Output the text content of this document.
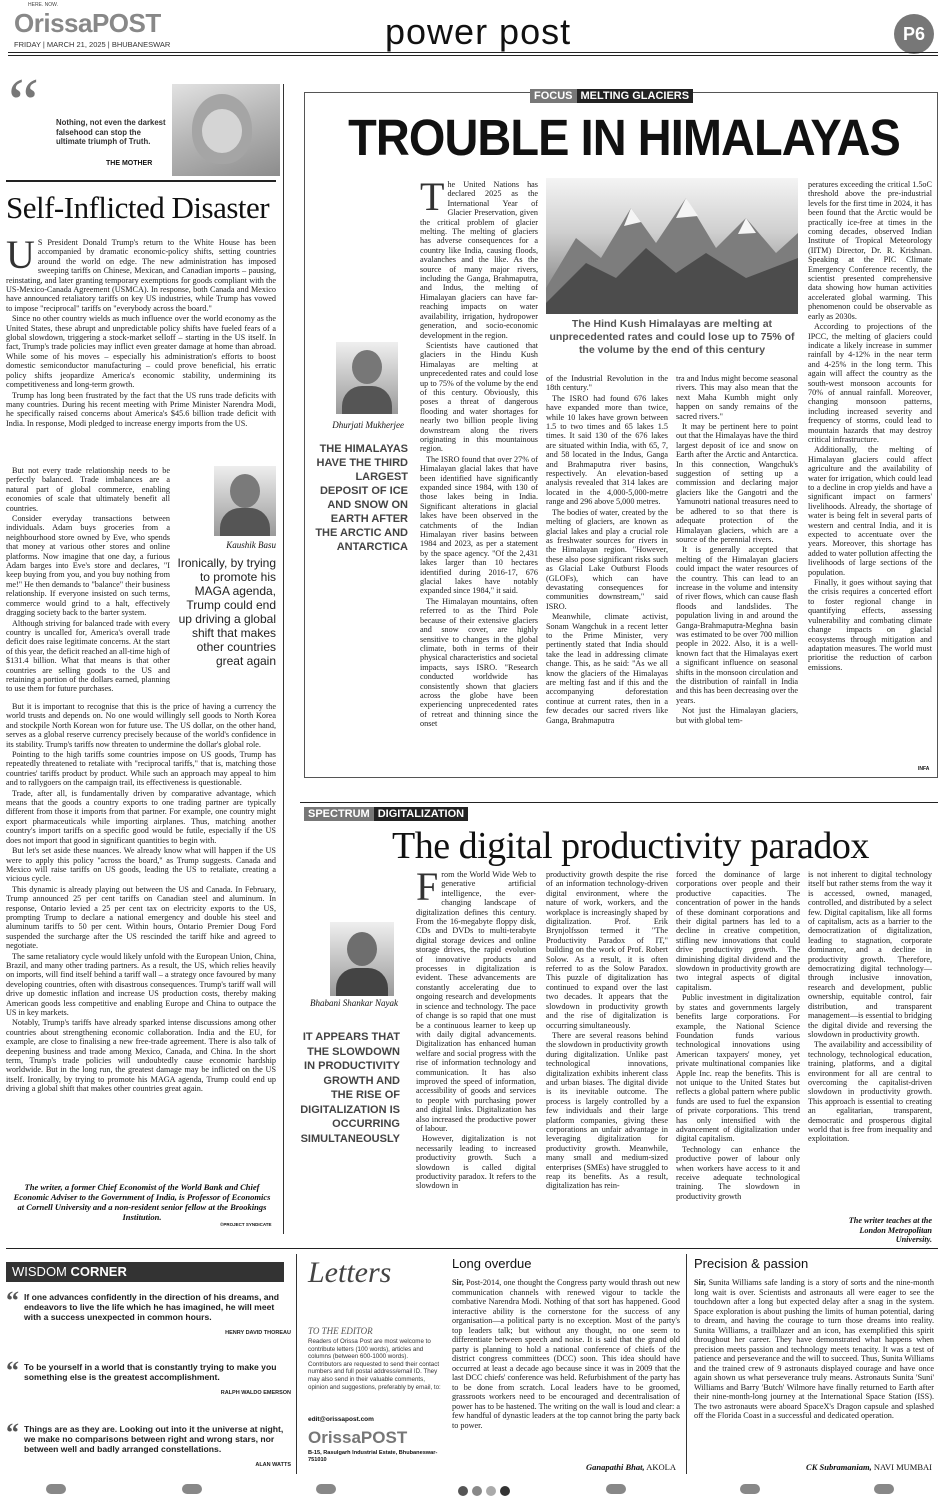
HERE. NOW.
OrissaPOST
FRIDAY | MARCH 21, 2025 | BHUBANESWAR	power post	P6
“ Nothing, not even the darkest falsehood can stop the ultimate triumph of Truth.
THE MOTHER
Self-Inflicted Disaster
U S President Donald Trump's return to the White House has been accompanied by dramatic economic-policy shifts, setting countries around the world on edge. The new administration has imposed sweeping tariffs on Chinese, Mexican, and Canadian imports – pausing, reinstating, and later granting temporary exemptions for goods compliant with the US-Mexico-Canada Agreement (USMCA). In response, both Canada and Mexico have announced retaliatory tariffs on key US industries, while Trump has vowed to impose "reciprocal" tariffs on "everybody across the board."

Since no other country wields as much influence over the world economy as the United States, these abrupt and unpredictable policy shifts have fueled fears of a global slowdown, triggering a stock-market selloff – starting in the US itself. In fact, Trump's trade policies may inflict even greater damage at home than abroad. While some of his moves – especially his administration's efforts to boost domestic semiconductor manufacturing – could prove beneficial, his erratic policy shifts jeopardize America's economic stability, undermining its competitiveness and long-term growth.

Trump has long been frustrated by the fact that the US runs trade deficits with many countries. During his recent meeting with Prime Minister Narendra Modi, he specifically raised concerns about America's $45.6 billion trade deficit with India. In response, Modi pledged to increase energy imports from the US.

But not every trade relationship needs to be perfectly balanced. Trade imbalances are a natural part of global commerce, enabling economies of scale that ultimately benefit all countries.

Consider everyday transactions between individuals. Adam buys groceries from a neighbourhood store owned by Eve, who spends that money at various other stores and online platforms. Now imagine that one day, a furious Adam barges into Eve's store and declares, "I keep buying from you, and you buy nothing from me!" He then demands to "balance" their business relationship. If everyone insisted on such terms, commerce would grind to a halt, effectively dragging society back to the barter system.

Although striving for balanced trade with every country is uncalled for, America's overall trade deficit does raise legitimate concerns. At the start of this year, the deficit reached an all-time high of $131.4 billion. What that means is that other countries are selling goods to the US and retaining a portion of the dollars earned, planning to use them for future purchases.

Kaushik Basu
Ironically, by trying to promote his MAGA agenda, Trump could end up driving a global shift that makes other countries great again

But it is important to recognise that this is the price of having a currency the world trusts and depends on. No one would willingly sell goods to North Korea and stockpile North Korean won for future use. The US dollar, on the other hand, serves as a global reserve currency precisely because of the world's confidence in its stability. Trump's tariffs now threaten to undermine the dollar's global role.

Pointing to the high tariffs some countries impose on US goods, Trump has repeatedly threatened to retaliate with "reciprocal tariffs," that is, matching those countries' tariffs product by product. While such an approach may appeal to him and to rallygoers on the campaign trail, its effectiveness is questionable.

Trade, after all, is fundamentally driven by comparative advantage, which means that the goods a country exports to one trading partner are typically different from those it imports from that partner. For example, one country might export pharmaceuticals while importing airplanes. Thus, matching another country's import tariffs on a specific good would be futile, especially if the US does not import that good in significant quantities to begin with.

But let's set aside these nuances. We already know what will happen if the US were to apply this policy "across the board," as Trump suggests. Canada and Mexico will raise tariffs on US goods, leading the US to retaliate, creating a vicious cycle.

This dynamic is already playing out between the US and Canada. In February, Trump announced 25 per cent tariffs on Canadian steel and aluminum. In response, Ontario levied a 25 per cent tax on electricity exports to the US, prompting Trump to declare a national emergency and double his steel and aluminum tariffs to 50 per cent. Within hours, Ontario Premier Doug Ford suspended the surcharge after the US rescinded the tariff hike and agreed to negotiate.

The same retaliatory cycle would likely unfold with the European Union, China, Brazil, and many other trading partners. As a result, the US, which relies heavily on imports, will find itself behind a tariff wall – a strategy once favoured by many developing countries, often with disastrous consequences. Trump's tariff wall will drive up domestic inflation and increase US production costs, thereby making American goods less competitive and enabling Europe and China to outpace the US in key markets.

Notably, Trump's tariffs have already sparked intense discussions among other countries about strengthening economic collaboration. India and the EU, for example, are close to finalising a new free-trade agreement. There is also talk of deepening business and trade among Mexico, Canada, and China. In the short term, Trump's trade policies will undoubtedly cause economic hardship worldwide. But in the long run, the greatest damage may be inflicted on the US itself. Ironically, by trying to promote his MAGA agenda, Trump could end up driving a global shift that makes other countries great again.

The writer, a former Chief Economist of the World Bank and Chief Economic Adviser to the Government of India, is Professor of Economics at Cornell University and a non-resident senior fellow at the Brookings Institution.
©PROJECT SYNDICATE
FOCUS MELTING GLACIERS
TROUBLE IN HIMALAYAS
The Hind Kush Himalayas are melting at unprecedented rates and could lose up to 75% of the volume by the end of this century
Dhurjati Mukherjee
THE HIMALAYAS HAVE THE THIRD LARGEST DEPOSIT OF ICE AND SNOW ON EARTH AFTER THE ARCTIC AND ANTARCTICA
T he United Nations has declared 2025 as the International Year of Glacier Preservation, given the critical problem of glacier melting. The melting of glaciers has adverse consequences for a country like India, causing floods, avalanches and the like. As the source of many major rivers, including the Ganga, Brahmaputra, and Indus, the melting of Himalayan glaciers can have far-reaching impacts on water availability, irrigation, hydropower generation, and socio-economic development in the region.

Scientists have cautioned that glaciers in the Hindu Kush Himalayas are melting at unprecedented rates and could lose up to 75% of the volume by the end of this century. Obviously, this poses a threat of dangerous flooding and water shortages for nearly two billion people living downstream along the rivers originating in this mountainous region.

The ISRO found that over 27% of Himalayan glacial lakes that have been identified have significantly expanded since 1984, with 130 of those lakes being in India. Significant alterations in glacial lakes have been observed in the catchments of the Indian Himalayan river basins between 1984 and 2023, as per a statement by the space agency. "Of the 2,431 lakes larger than 10 hectares identified during 2016-17, 676 glacial lakes have notably expanded since 1984," it said.

The Himalayan mountains, often referred to as the Third Pole because of their extensive glaciers and snow cover, are highly sensitive to changes in the global climate, both in terms of their physical characteristics and societal impacts, says ISRO. "Research conducted worldwide has consistently shown that glaciers across the globe have been experiencing unprecedented rates of retreat and thinning since the onset

of the Industrial Revolution in the 18th century."

The ISRO had found 676 lakes have expanded more than twice, while 10 lakes have grown between 1.5 to two times and 65 lakes 1.5 times. It said 130 of the 676 lakes are situated within India, with 65, 7, and 58 located in the Indus, Ganga and Brahmaputra river basins, respectively. An elevation-based analysis revealed that 314 lakes are located in the 4,000-5,000-metre range and 296 above 5,000 metres.

The bodies of water, created by the melting of glaciers, are known as glacial lakes and play a crucial role as freshwater sources for rivers in the Himalayan region. "However, these also pose significant risks such as Glacial Lake Outburst Floods (GLOFs), which can have devastating consequences for communities downstream," said ISRO.

Meanwhile, climate activist, Sonam Wangchuk in a recent letter to the Prime Minister, very pertinently stated that India should take the lead in addressing climate change. This, as he said: "As we all know the glaciers of the Himalayas are melting fast and if this and the accompanying deforestation continue at current rates, then in a few decades our sacred rivers like Ganga, Brahmaputra

tra and Indus might become seasonal rivers. This may also mean that the next Maha Kumbh might only happen on sandy remains of the sacred rivers."

It may be pertinent here to point out that the Himalayas have the third largest deposit of ice and snow on Earth after the Arctic and Antarctica. In this connection, Wangchuk's suggestion of setting up a commission and declaring major glaciers like the Gangotri and the Yamunotri national treasures need to be adhered to so that there is adequate protection of the Himalayan glaciers, which are a source of the perennial rivers.

It is generally accepted that melting of the Himalayan glaciers could impact the water resources of the country. This can lead to an increase in the volume and intensity of river flows, which can cause flash floods and landslides. The population living in and around the Ganga-Brahmaputra-Meghna basin was estimated to be over 700 million people in 2022. Also, it is a well-known fact that the Himalayas exert a significant influence on seasonal shifts in the monsoon circulation and the distribution of rainfall in India and this has been decreasing over the years.

Not just the Himalayan glaciers, but with global tem-

peratures exceeding the critical 1.5oC threshold above the pre-industrial levels for the first time in 2024, it has been found that the Arctic would be practically ice-free at times in the coming decades, observed Indian Institute of Tropical Meteorology (IITM) Director, Dr. R. Krishnan. Speaking at the PIC Climate Emergency Conference recently, the scientist presented comprehensive data showing how human activities accelerated global warming. This phenomenon could be observable as early as 2030s.

According to projections of the IPCC, the melting of glaciers could indicate a likely increase in summer rainfall by 4-12% in the near term and 4-25% in the long term. This again will affect the country as the south-west monsoon accounts for 70% of annual rainfall. Moreover, changing monsoon patterns, including increased severity and frequency of storms, could lead to mountain hazards that may destroy critical infrastructure.

Additionally, the melting of Himalayan glaciers could affect agriculture and the availability of water for irrigation, which could lead to a decline in crop yields and have a significant impact on farmers' livelihoods. Already, the shortage of water is being felt in several parts of western and central India, and it is expected to accentuate over the years. Moreover, this shortage has added to water pollution affecting the livelihoods of large sections of the population.

Finally, it goes without saying that the crisis requires a concerted effort to foster regional change in quantifying effects, assessing vulnerability and combating climate change impacts on glacial ecosystems through mitigation and adaptation measures. The world must prioritise the reduction of carbon emissions.

INFA
SPECTRUM DIGITALIZATION
The digital productivity paradox
Bhabani Shankar Nayak
IT APPEARS THAT THE SLOWDOWN IN PRODUCTIVITY GROWTH AND THE RISE OF DIGITALIZATION IS OCCURRING SIMULTANEOUSLY
F rom the World Wide Web to generative artificial intelligence, the ever-changing landscape of digitalization defines this century. From the 16-megabyte floppy disk, CDs and DVDs to multi-terabyte digital storage devices and online storage drives, the rapid evolution of innovative products and processes in digitalization is evident. These advancements are constantly accelerating due to ongoing research and developments in science and technology. The pace of change is so rapid that one must be a continuous learner to keep up with daily digital advancements. Digitalization has enhanced human welfare and social progress with the rise of information technology and communication. It has also improved the speed of information, accessibility of goods and services to people with purchasing power and digital links. Digitalization has also increased the productive power of labour.

However, digitalization is not necessarily leading to increased productivity growth. Such a slowdown is called digital productivity paradox. It refers to the slowdown in

productivity growth despite the rise of an information technology-driven digital environment, where the nature of work, workers, and the workplace is increasingly shaped by digitalization. Prof. Erik Brynjolfsson termed it "The Productivity Paradox of IT," building on the work of Prof. Robert Solow. As a result, it is often referred to as the Solow Paradox. This puzzle of digitalization has continued to expand over the last two decades. It appears that the slowdown in productivity growth and the rise of digitalization is occurring simultaneously.

There are several reasons behind the slowdown in productivity growth during digitalization. Unlike past technological innovations, digitalization exhibits inherent class and urban biases. The digital divide is its inevitable outcome. The process is largely controlled by a few individuals and their large platform companies, giving these corporations an unfair advantage in leveraging digitalization for productivity growth. Meanwhile, many small and medium-sized enterprises (SMEs) have struggled to reap its benefits. As a result, digitalization has rein-

forced the dominance of large corporations over people and their productive capacities. The concentration of power in the hands of these dominant corporations and their digital partners has led to a decline in creative competition, stifling new innovations that could drive productivity growth. The diminishing digital dividend and the slowdown in productivity growth are two integral aspects of digital capitalism.

Public investment in digitalization by states and governments largely benefits large corporations. For example, the National Science Foundation funds various technological innovations using American taxpayers' money, yet private multinational companies like Apple Inc. reap the benefits. This is not unique to the United States but reflects a global pattern where public funds are used to fuel the expansion of private corporations. This trend has only intensified with the advancement of digitalization under digital capitalism.

Technology can enhance the productive power of labour only when workers have access to it and receive adequate technological training. The slowdown in productivity growth

is not inherent to digital technology itself but rather stems from the way it is accessed, owned, managed, controlled, and distributed by a select few. Digital capitalism, like all forms of capitalism, acts as a barrier to the democratization of digitalization, leading to stagnation, corporate dominance, and a decline in productivity growth. Therefore, democratizing digital technology—through inclusive innovation, research and development, public ownership, equitable control, fair distribution, and transparent management—is essential to bridging the digital divide and reversing the slowdown in productivity growth.

The availability and accessibility of technology, technological education, training, platforms, and a digital environment for all are central to overcoming the capitalist-driven slowdown in productivity growth. This approach is essential to creating an egalitarian, transparent, democratic and prosperous digital world that is free from inequality and exploitation.

The writer teaches at the London Metropolitan University.
WISDOM CORNER
“ If one advances confidently in the direction of his dreams, and endeavors to live the life which he has imagined, he will meet with a success unexpected in common hours.
HENRY DAVID THOREAU
“ To be yourself in a world that is constantly trying to make you something else is the greatest accomplishment.
RALPH WALDO EMERSON
“ Things are as they are. Looking out into it the universe at night, we make no comparisons between right and wrong stars, nor between well and badly arranged constellations.
ALAN WATTS
Letters
TO THE EDITOR
Readers of Orissa Post are most welcome to contribute letters (100 words), articles and columns (between 600-1000 words). Contributors are requested to send their contact numbers and full postal address/email ID. They may also send in their valuable comments, opinion and suggestions, preferably by email, to:
edit@orissapost.com
OrissaPOST
B-15, Rasulgarh Industrial Estate, Bhubaneswar-751010
Long overdue
Sir, Post-2014, one thought the Congress party would thrash out new communication channels with renewed vigour to tackle the combative Narendra Modi. Nothing of that sort has happened. Good interactive ability is the cornerstone for the success of any organisation—a political party is no exception. Most of the party's top leaders talk; but without any thought, no one seem to differentiate between speech and noise. It is said that the grand old party is planning to hold a national conference of chiefs of the district congress committees (DCC) soon. This idea should have occurred at least a decade ago because since it was in 2009 that the last DCC chiefs' conference was held. Refurbishment of the party has to be done from scratch. Local leaders have to be groomed, grassroots workers need to be encouraged and decentralisation of power has to be hastened. The writing on the wall is loud and clear: a few handful of dynastic leaders at the top cannot bring the party back to power.
Ganapathi Bhat, AKOLA
Precision & passion
Sir, Sunita Williams safe landing is a story of sorts and the nine-month long wait is over. Scientists and astronauts all were eager to see the touchdown after a long but expected delay after a snag in the system. Space exploration is about pushing the limits of human potential, daring to dream, and having the courage to turn those dreams into reality. Sunita Williams, a trailblazer and an icon, has exemplified this spirit throughout her career. They have demonstrated what happens when precision meets passion and technology meets tenacity. It was a test of patience and perseverance and the will to succeed. Thus, Sunita Williams and the trained crew of 9 astronauts displayed courage and have once again shown us what perseverance truly means. Astronauts Sunita 'Suni' Williams and Barry 'Butch' Wilmore have finally returned to Earth after their nine-month-long journey at the International Space Station (ISS). The two astronauts were aboard SpaceX's Dragon capsule and splashed off the Florida Coast in a successful and dedicated operation.
CK Subramaniam, NAVI MUMBAI
